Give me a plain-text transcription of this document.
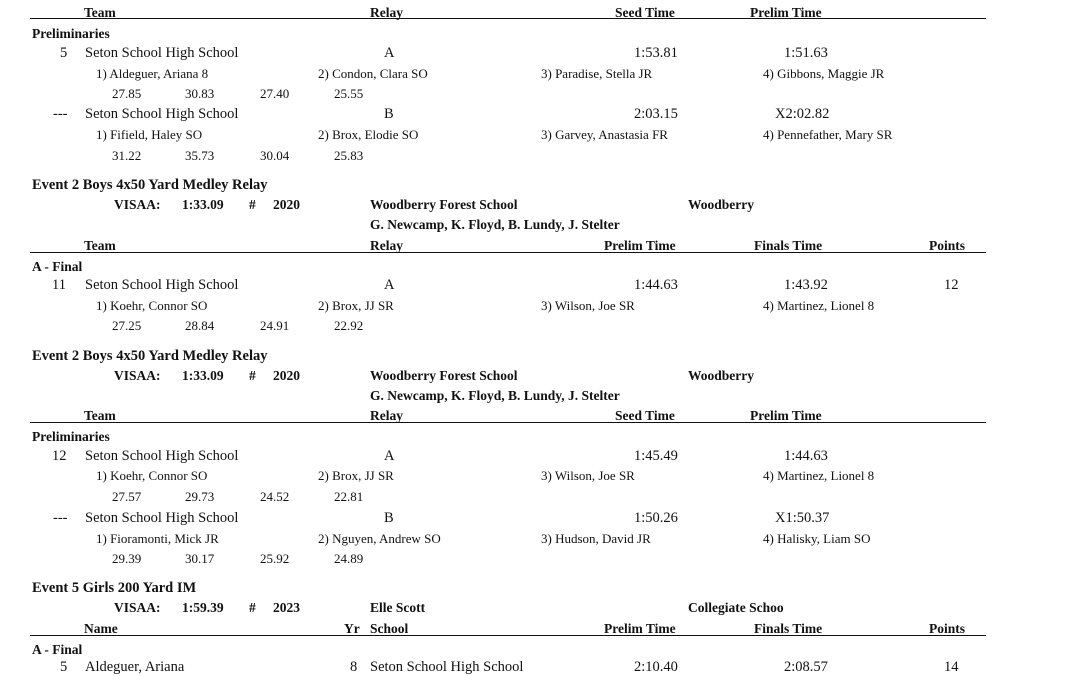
Team	Relay	Seed Time	Prelim Time
Preliminaries
5 Seton School High School	A	1:53.81	1:51.63
1) Aldeguer, Ariana 8	2) Condon, Clara SO	3) Paradise, Stella JR	4) Gibbons, Maggie JR
27.85	30.83	27.40	25.55
--- Seton School High School	B	2:03.15	X2:02.82
1) Fifield, Haley SO	2) Brox, Elodie SO	3) Garvey, Anastasia FR	4) Pennefather, Mary SR
31.22	35.73	30.04	25.83
Event 2 Boys 4x50 Yard Medley Relay
VISAA: 1:33.09 # 2020	Woodberry Forest School	Woodberry
G. Newcamp, K. Floyd, B. Lundy, J. Stelter
Team	Relay	Prelim Time	Finals Time	Points
A - Final
11 Seton School High School	A	1:44.63	1:43.92	12
1) Koehr, Connor SO	2) Brox, JJ SR	3) Wilson, Joe SR	4) Martinez, Lionel 8
27.25	28.84	24.91	22.92
Event 2 Boys 4x50 Yard Medley Relay
VISAA: 1:33.09 # 2020	Woodberry Forest School	Woodberry
G. Newcamp, K. Floyd, B. Lundy, J. Stelter
Team	Relay	Seed Time	Prelim Time
Preliminaries
12 Seton School High School	A	1:45.49	1:44.63
1) Koehr, Connor SO	2) Brox, JJ SR	3) Wilson, Joe SR	4) Martinez, Lionel 8
27.57	29.73	24.52	22.81
--- Seton School High School	B	1:50.26	X1:50.37
1) Fioramonti, Mick JR	2) Nguyen, Andrew SO	3) Hudson, David JR	4) Halisky, Liam SO
29.39	30.17	25.92	24.89
Event 5 Girls 200 Yard IM
VISAA: 1:59.39 # 2023	Elle Scott	Collegiate Schoo
Name	Yr School	Prelim Time	Finals Time	Points
A - Final
5 Aldeguer, Ariana	8 Seton School High School	2:10.40	2:08.57	14
